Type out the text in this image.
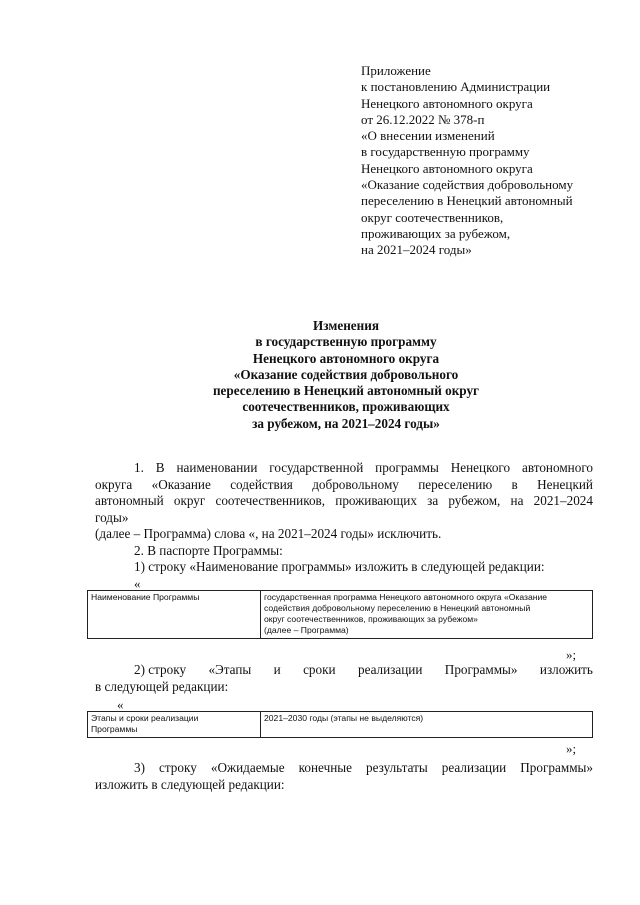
Приложение
к постановлению Администрации
Ненецкого автономного округа
от 26.12.2022 № 378-п
«О внесении изменений
в государственную программу
Ненецкого автономного округа
«Оказание содействия добровольному
переселению в Ненецкий автономный
округ соотечественников,
проживающих за рубежом,
на 2021–2024 годы»
Изменения
в государственную программу
Ненецкого автономного округа
«Оказание содействия добровольного
переселению в Ненецкий автономный округ
соотечественников, проживающих
за рубежом, на 2021–2024 годы»
1. В наименовании государственной программы Ненецкого автономного
округа «Оказание содействия добровольному переселению в Ненецкий
автономный округ соотечественников, проживающих за рубежом, на 2021–2024
годы»
(далее – Программа) слова «, на 2021–2024 годы» исключить.
2. В паспорте Программы:
1) строку «Наименование программы» изложить в следующей редакции:
«
Наименование Программы	государственная программа Ненецкого автономного округа «Оказание
содействия добровольному переселению в Ненецкий автономный
округ соотечественников, проживающих за рубежом»
(далее – Программа)
»;
2) строку «Этапы и сроки реализации Программы» изложить
в следующей редакции:
«
Этапы и сроки реализации
Программы
	2021–2030 годы (этапы не выделяются)
»;
3) строку «Ожидаемые конечные результаты реализации Программы»
изложить в следующей редакции:
